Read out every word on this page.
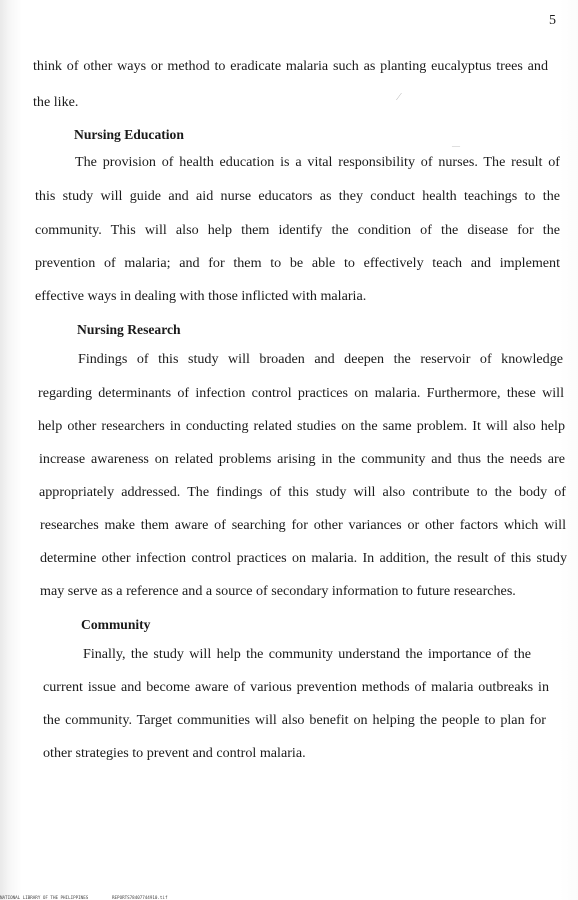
5
think of other ways or method to eradicate malaria such as planting eucalyptus trees and
the like.
Nursing Education
The provision of health education is a vital responsibility of nurses. The result of
this study will guide and aid nurse educators as they conduct health teachings to the
community. This will also help them identify the condition of the disease for the
prevention of malaria; and for them to be able to effectively teach and implement
effective ways in dealing with those inflicted with malaria.
Nursing Research
Findings of this study will broaden and deepen the reservoir of knowledge
regarding determinants of infection control practices on malaria. Furthermore, these will
help other researchers in conducting related studies on the same problem. It will also help
increase awareness on related problems arising in the community and thus the needs are
appropriately addressed. The findings of this study will also contribute to the body of
researches make them aware of searching for other variances or other factors which will
determine other infection control practices on malaria. In addition, the result of this study
may serve as a reference and a source of secondary information to future researches.
Community
Finally, the study will help the community understand the importance of the
current issue and become aware of various prevention methods of malaria outbreaks in
the community. Target communities will also benefit on helping the people to plan for
other strategies to prevent and control malaria.
⁄
—
NATIONAL LIBRARY OF THE PHILIPPINES	REPORTS78407744910.tif
